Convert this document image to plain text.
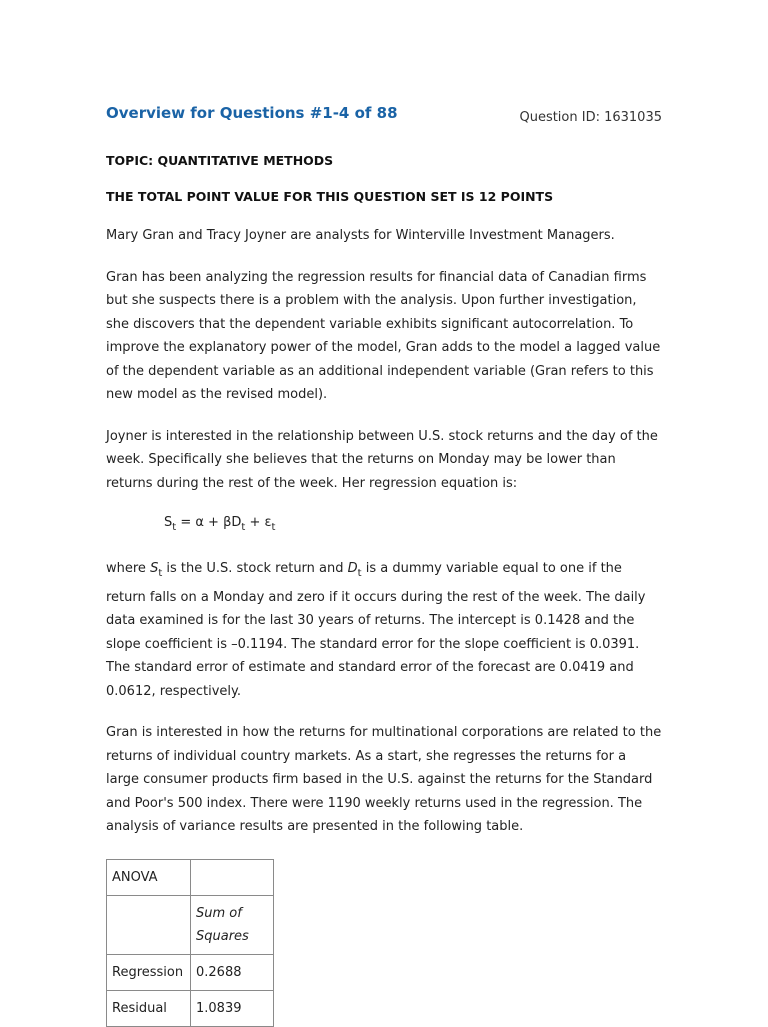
Overview for Questions #1-4 of 88	Question ID: 1631035
TOPIC: QUANTITATIVE METHODS
THE TOTAL POINT VALUE FOR THIS QUESTION SET IS 12 POINTS

Mary Gran and Tracy Joyner are analysts for Winterville Investment Managers.

Gran has been analyzing the regression results for financial data of Canadian firms but she suspects there is a problem with the analysis. Upon further investigation, she discovers that the dependent variable exhibits significant autocorrelation. To improve the explanatory power of the model, Gran adds to the model a lagged value of the dependent variable as an additional independent variable (Gran refers to this new model as the revised model).

Joyner is interested in the relationship between U.S. stock returns and the day of the week. Specifically she believes that the returns on Monday may be lower than returns during the rest of the week. Her regression equation is:

$S_t = \alpha + \beta D_t + \varepsilon_t$

where $S_t$ is the U.S. stock return and $D_t$ is a dummy variable equal to one if the return falls on a Monday and zero if it occurs during the rest of the week. The daily data examined is for the last 30 years of returns. The intercept is 0.1428 and the slope coefficient is –0.1194. The standard error for the slope coefficient is 0.0391. The standard error of estimate and standard error of the forecast are 0.0419 and 0.0612, respectively.

Gran is interested in how the returns for multinational corporations are related to the returns of individual country markets. As a start, she regresses the returns for a large consumer products firm based in the U.S. against the returns for the Standard and Poor's 500 index. There were 1190 weekly returns used in the regression. The analysis of variance results are presented in the following table.

ANOVA	
	Sum of Squares
Regression	0.2688
Residual	1.0839
